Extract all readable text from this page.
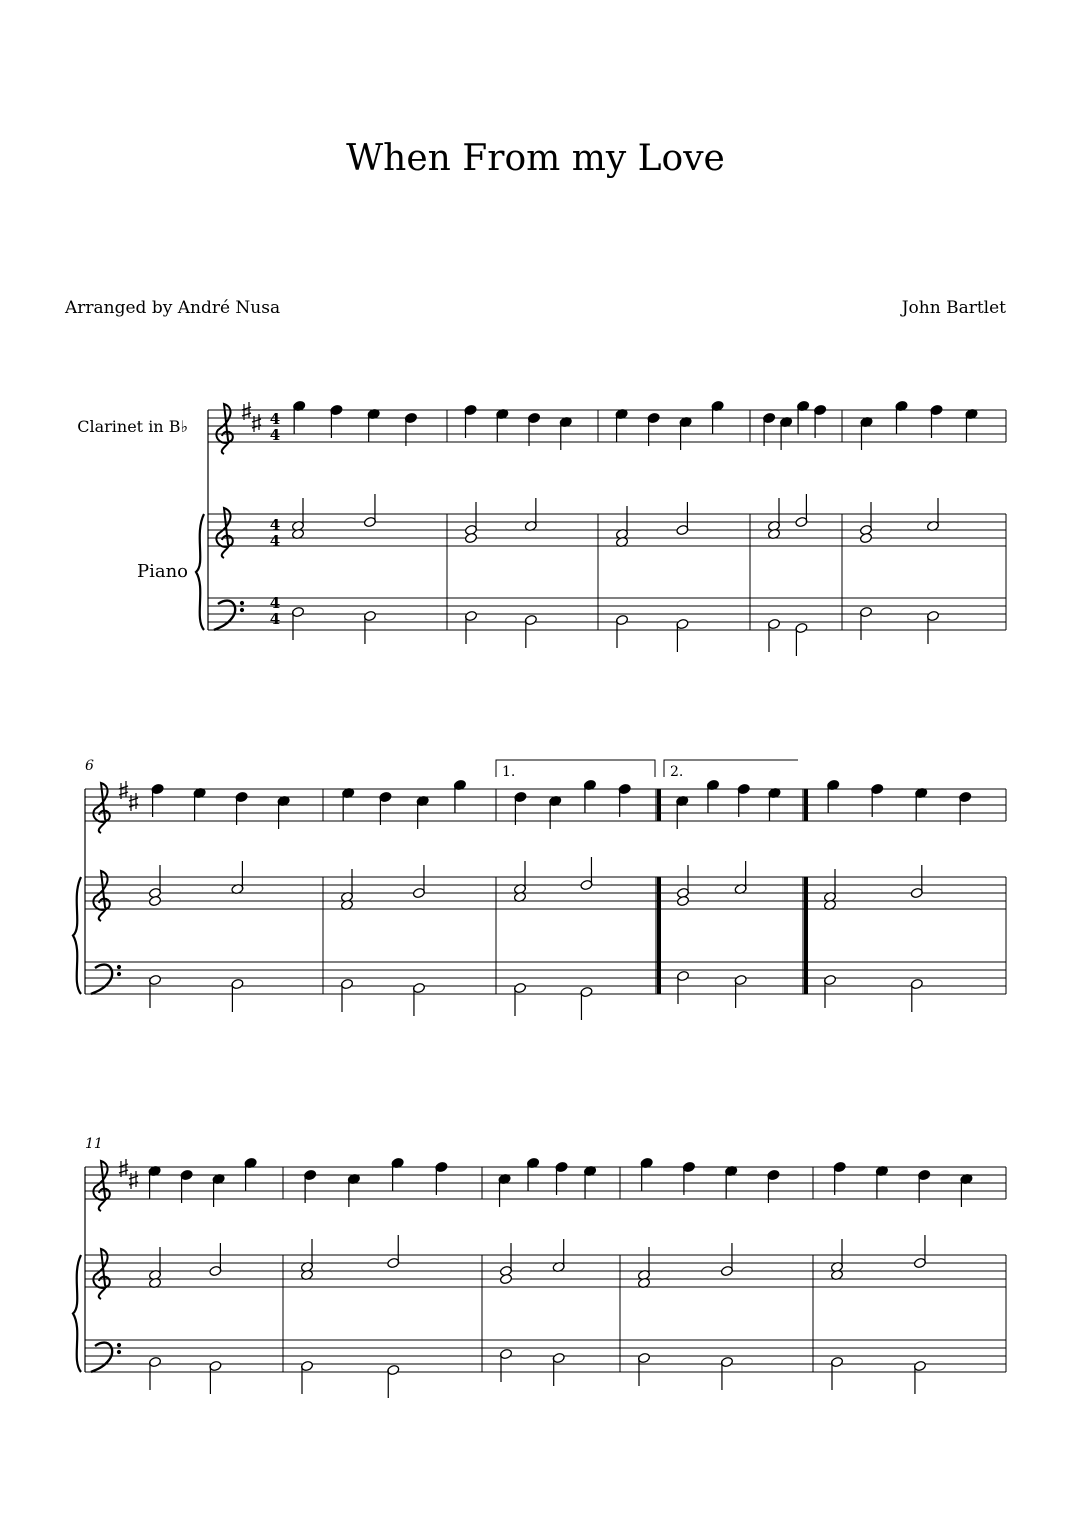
When From my Love
Arranged by André Nusa	John Bartlet
Clarinet in B♭
Piano
6
11
1.	2.
4
4
4
4
4
4
